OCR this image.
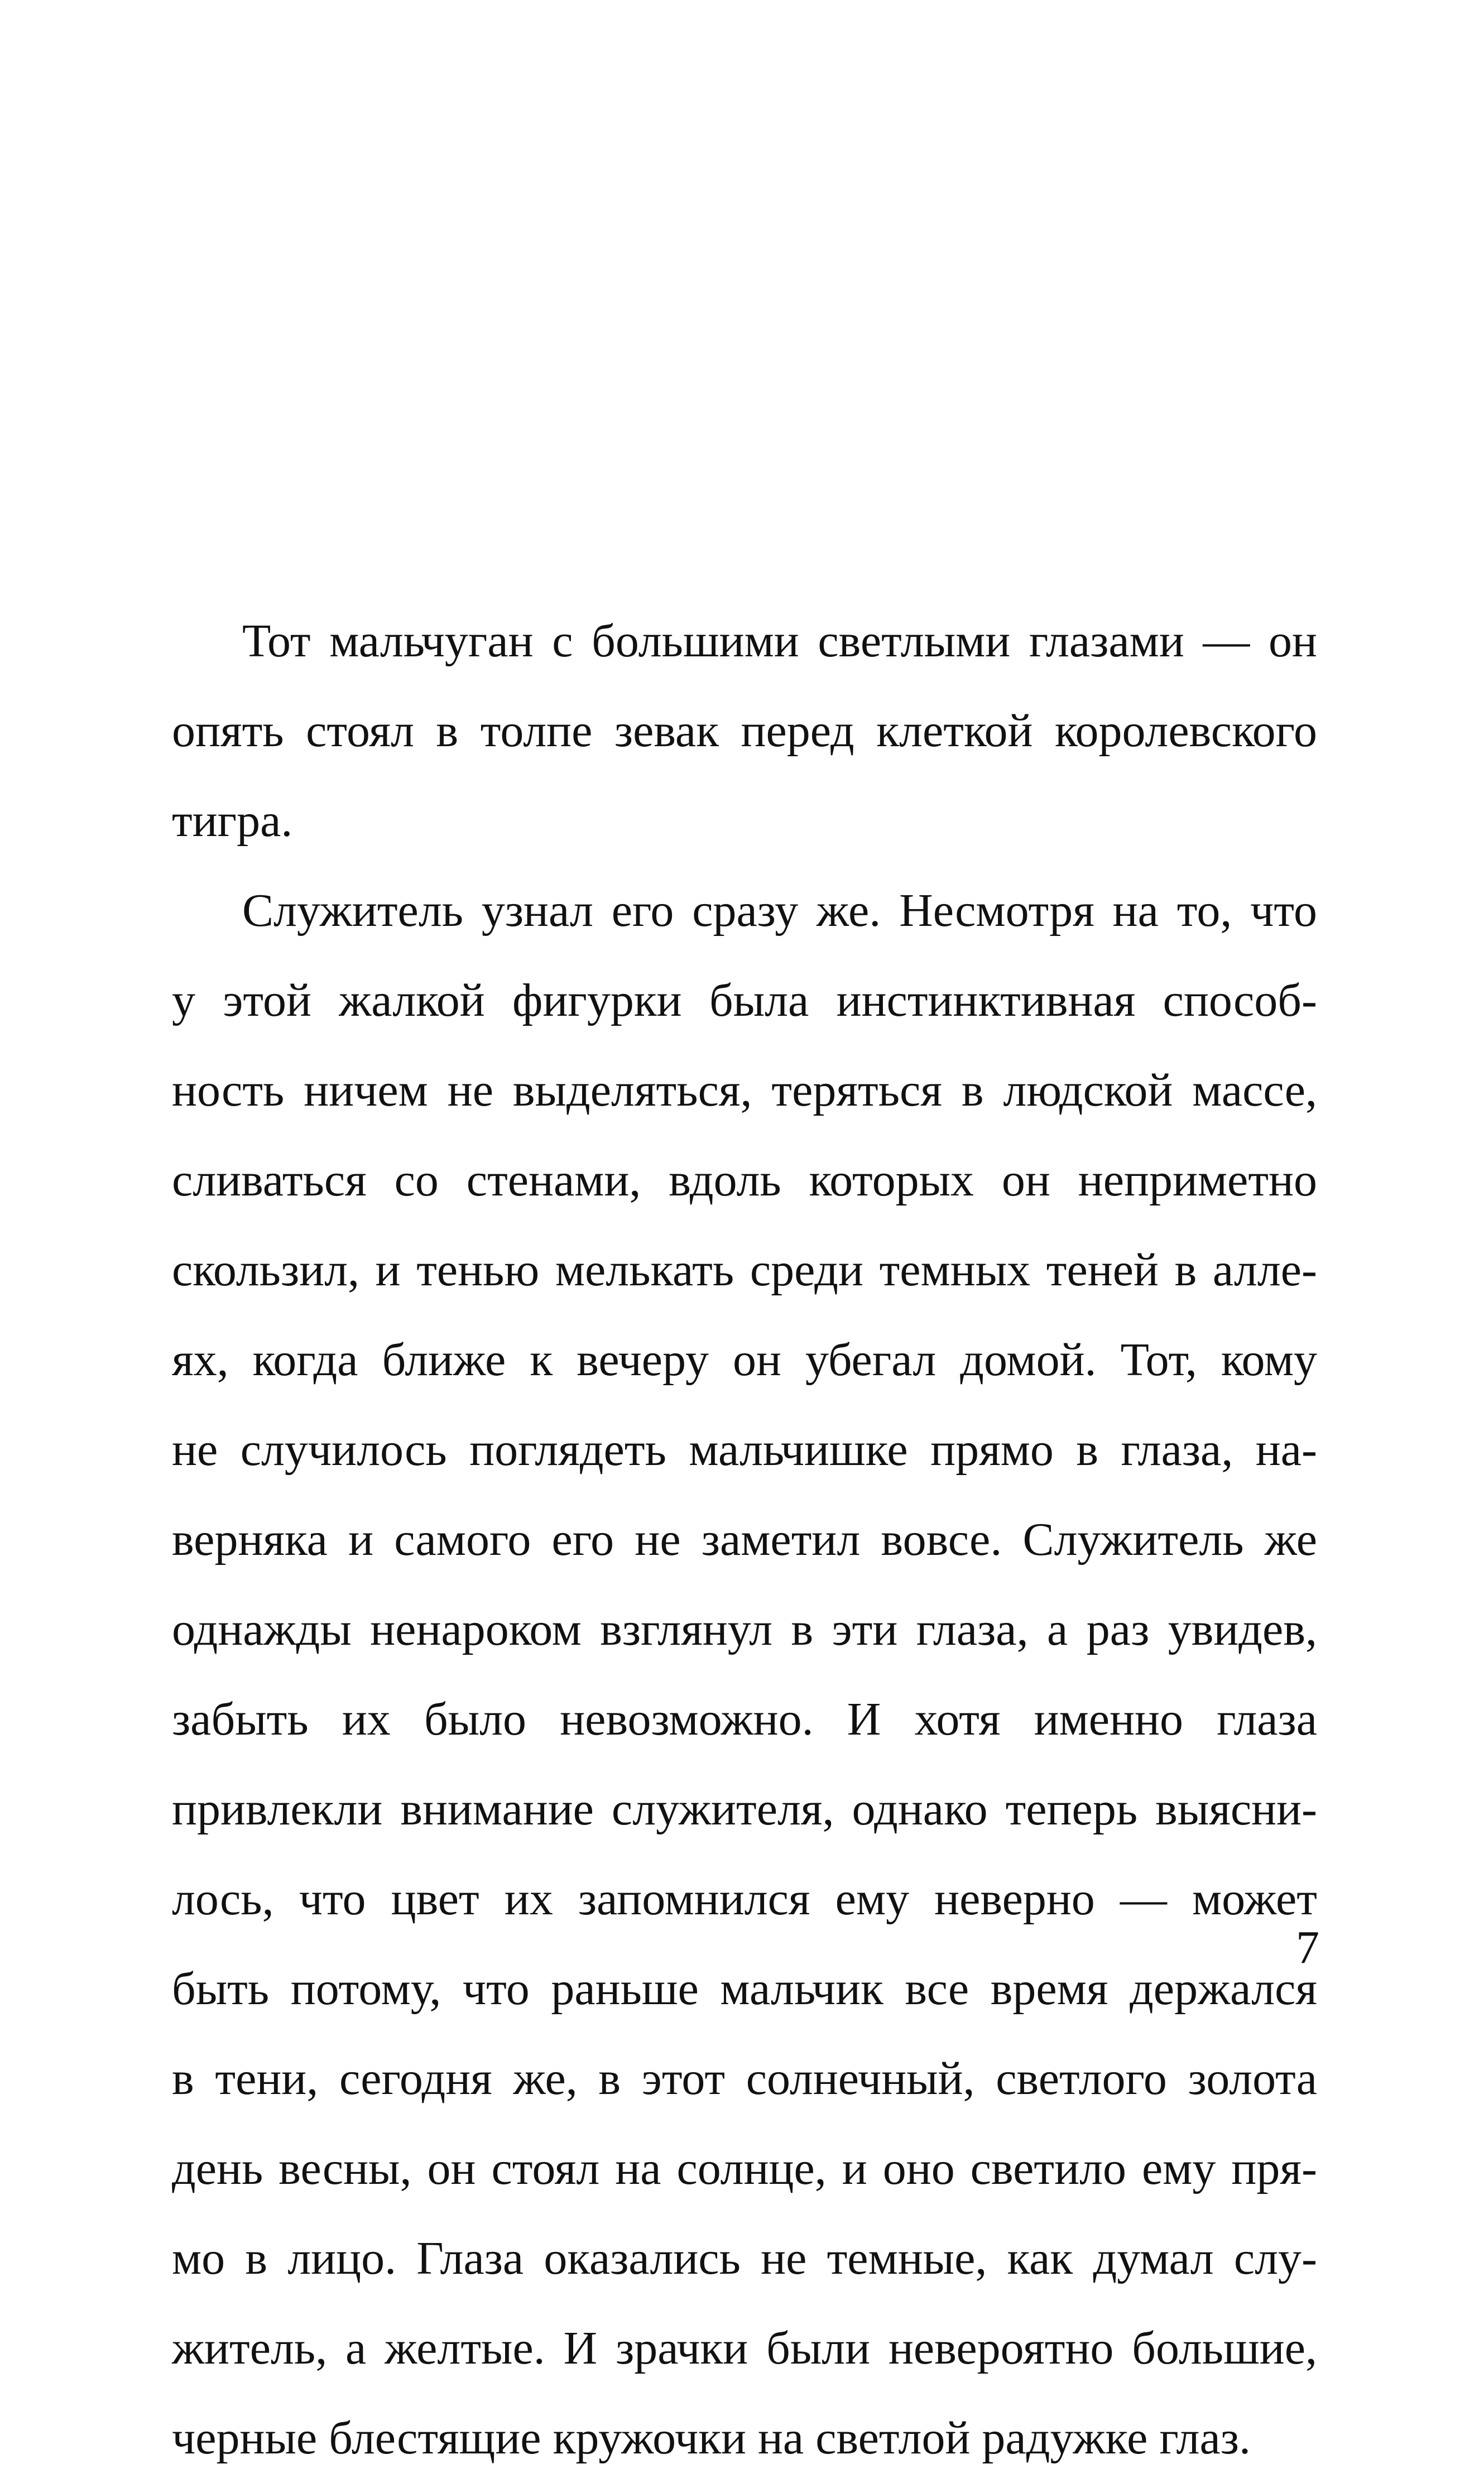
Тот мальчуган с большими светлыми глазами — он
опять стоял в толпе зевак перед клеткой королевского
тигра.
Служитель узнал его сразу же. Несмотря на то, что
у этой жалкой фигурки была инстинктивная способ-
ность ничем не выделяться, теряться в людской массе,
сливаться со стенами, вдоль которых он неприметно
скользил, и тенью мелькать среди темных теней в алле-
ях, когда ближе к вечеру он убегал домой. Тот, кому
не случилось поглядеть мальчишке прямо в глаза, на-
верняка и самого его не заметил вовсе. Служитель же
однажды ненароком взглянул в эти глаза, а раз увидев,
забыть их было невозможно. И хотя именно глаза
привлекли внимание служителя, однако теперь выясни-
лось, что цвет их запомнился ему неверно — может
быть потому, что раньше мальчик все время держался
в тени, сегодня же, в этот солнечный, светлого золота
день весны, он стоял на солнце, и оно светило ему пря-
мо в лицо. Глаза оказались не темные, как думал слу-
житель, а желтые. И зрачки были невероятно большие,
черные блестящие кружочки на светлой радужке глаз.
7
